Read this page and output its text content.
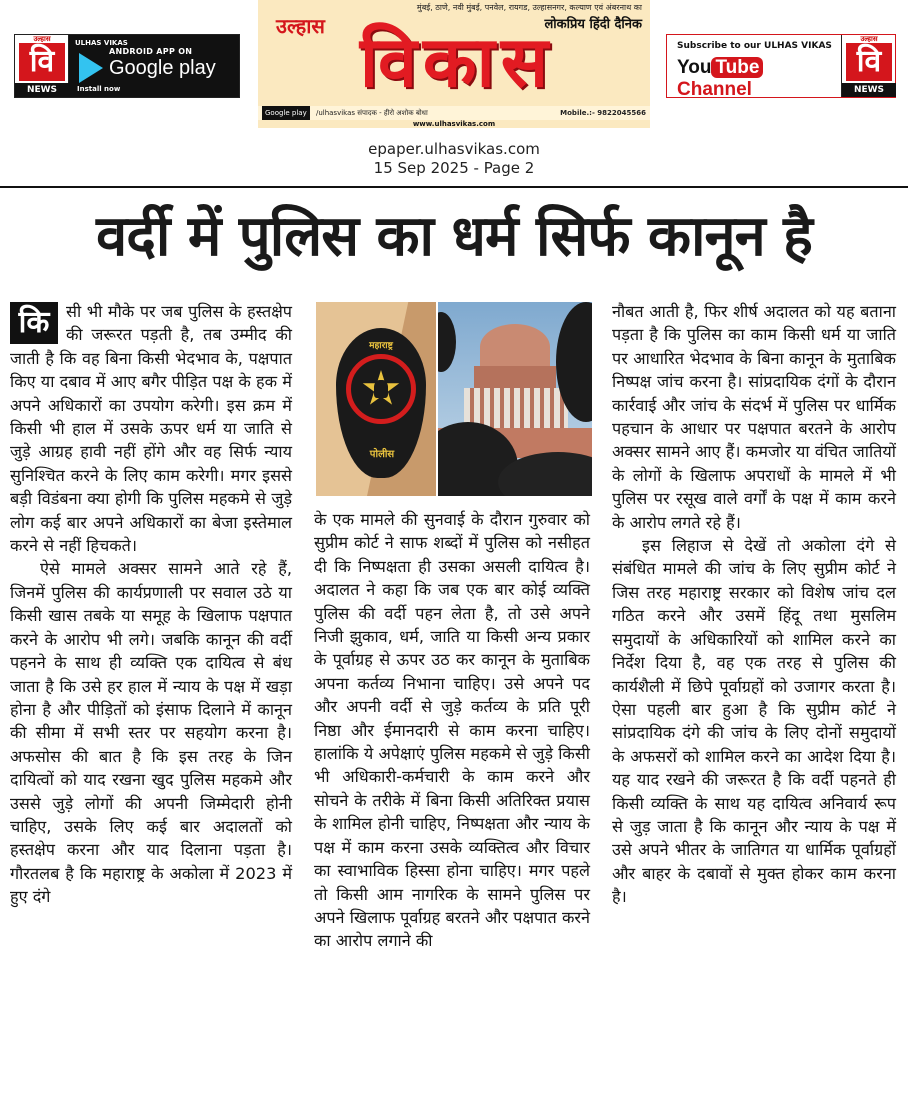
उल्हास
वि
NEWS
ULHAS VIKAS
ANDROID APP ON
Google play
Install now
मुंबई, ठाणे, नवी मुंबई, पनवेल, रायगड, उल्हासनगर, कल्याण एवं अंबरनाथ का
लोकप्रिय हिंदी दैनिक
उल्हास विकास
Google play /ulhasvikas संपादक - हीरो अशोक बोधा	Mobile.:- 9822045566
www.ulhasvikas.com
Subscribe to our ULHAS VIKAS
You Tube Channel
उल्हास
वि
NEWS
epaper.ulhasvikas.com
15 Sep 2025 - Page 2
वर्दी में पुलिस का धर्म सिर्फ कानून है

कि	सी भी मौके पर जब पुलिस के हस्तक्षेप की जरूरत पड़ती है, तब उम्मीद की जाती है कि वह बिना किसी भेदभाव के, पक्षपात किए या दबाव में आए बगैर पीड़ित पक्ष के हक में अपने अधिकारों का उपयोग करेगी। इस क्रम में किसी भी हाल में उसके ऊपर धर्म या जाति से जुड़े आग्रह हावी नहीं होंगे और वह सिर्फ न्याय सुनिश्चित करने के लिए काम करेगी। मगर इससे बड़ी विडंबना क्या होगी कि पुलिस महकमे से जुड़े लोग कई बार अपने अधिकारों का बेजा इस्तेमाल करने से नहीं हिचकते।

ऐसे मामले अक्सर सामने आते रहे हैं, जिनमें पुलिस की कार्यप्रणाली पर सवाल उठे या किसी खास तबके या समूह के खिलाफ पक्षपात करने के आरोप भी लगे। जबकि कानून की वर्दी पहनने के साथ ही व्यक्ति एक दायित्व से बंध जाता है कि उसे हर हाल में न्याय के पक्ष में खड़ा होना है और पीड़ितों को इंसाफ दिलाने में कानून की सीमा में सभी स्तर पर सहयोग करना है। अफसोस की बात है कि इस तरह के जिन दायित्वों को याद रखना खुद पुलिस महकमे और उससे जुड़े लोगों की अपनी जिम्मेदारी होनी चाहिए, उसके लिए कई बार अदालतों को हस्तक्षेप करना और याद दिलाना पड़ता है। गौरतलब है कि महाराष्ट्र के अकोला में 2023 में हुए दंगे

महाराष्ट्र
पोलीस

के एक मामले की सुनवाई के दौरान गुरुवार को सुप्रीम कोर्ट ने साफ शब्दों में पुलिस को नसीहत दी कि निष्पक्षता ही उसका असली दायित्व है। अदालत ने कहा कि जब एक बार कोई व्यक्ति पुलिस की वर्दी पहन लेता है, तो उसे अपने निजी झुकाव, धर्म, जाति या किसी अन्य प्रकार के पूर्वाग्रह से ऊपर उठ कर कानून के मुताबिक अपना कर्तव्य निभाना चाहिए। उसे अपने पद और अपनी वर्दी से जुड़े कर्तव्य के प्रति पूरी निष्ठा और ईमानदारी से काम करना चाहिए। हालांकि ये अपेक्षाएं पुलिस महकमे से जुड़े किसी भी अधिकारी-कर्मचारी के काम करने और सोचने के तरीके में बिना किसी अतिरिक्त प्रयास के शामिल होनी चाहिए, निष्पक्षता और न्याय के पक्ष में काम करना उसके व्यक्तित्व और विचार का स्वाभाविक हिस्सा होना चाहिए। मगर पहले तो किसी आम नागरिक के सामने पुलिस पर अपने खिलाफ पूर्वाग्रह बरतने और पक्षपात करने का आरोप लगाने की

नौबत आती है, फिर शीर्ष अदालत को यह बताना पड़ता है कि पुलिस का काम किसी धर्म या जाति पर आधारित भेदभाव के बिना कानून के मुताबिक निष्पक्ष जांच करना है। सांप्रदायिक दंगों के दौरान कार्रवाई और जांच के संदर्भ में पुलिस पर धार्मिक पहचान के आधार पर पक्षपात बरतने के आरोप अक्सर सामने आए हैं। कमजोर या वंचित जातियों के लोगों के खिलाफ अपराधों के मामले में भी पुलिस पर रसूख वाले वर्गों के पक्ष में काम करने के आरोप लगते रहे हैं।

इस लिहाज से देखें तो अकोला दंगे से संबंधित मामले की जांच के लिए सुप्रीम कोर्ट ने जिस तरह महाराष्ट्र सरकार को विशेष जांच दल गठित करने और उसमें हिंदू तथा मुसलिम समुदायों के अधिकारियों को शामिल करने का निर्देश दिया है, वह एक तरह से पुलिस की कार्यशैली में छिपे पूर्वाग्रहों को उजागर करता है। ऐसा पहली बार हुआ है कि सुप्रीम कोर्ट ने सांप्रदायिक दंगे की जांच के लिए दोनों समुदायों के अफसरों को शामिल करने का आदेश दिया है। यह याद रखने की जरूरत है कि वर्दी पहनते ही किसी व्यक्ति के साथ यह दायित्व अनिवार्य रूप से जुड़ जाता है कि कानून और न्याय के पक्ष में उसे अपने भीतर के जातिगत या धार्मिक पूर्वाग्रहों और बाहर के दबावों से मुक्त होकर काम करना है।
